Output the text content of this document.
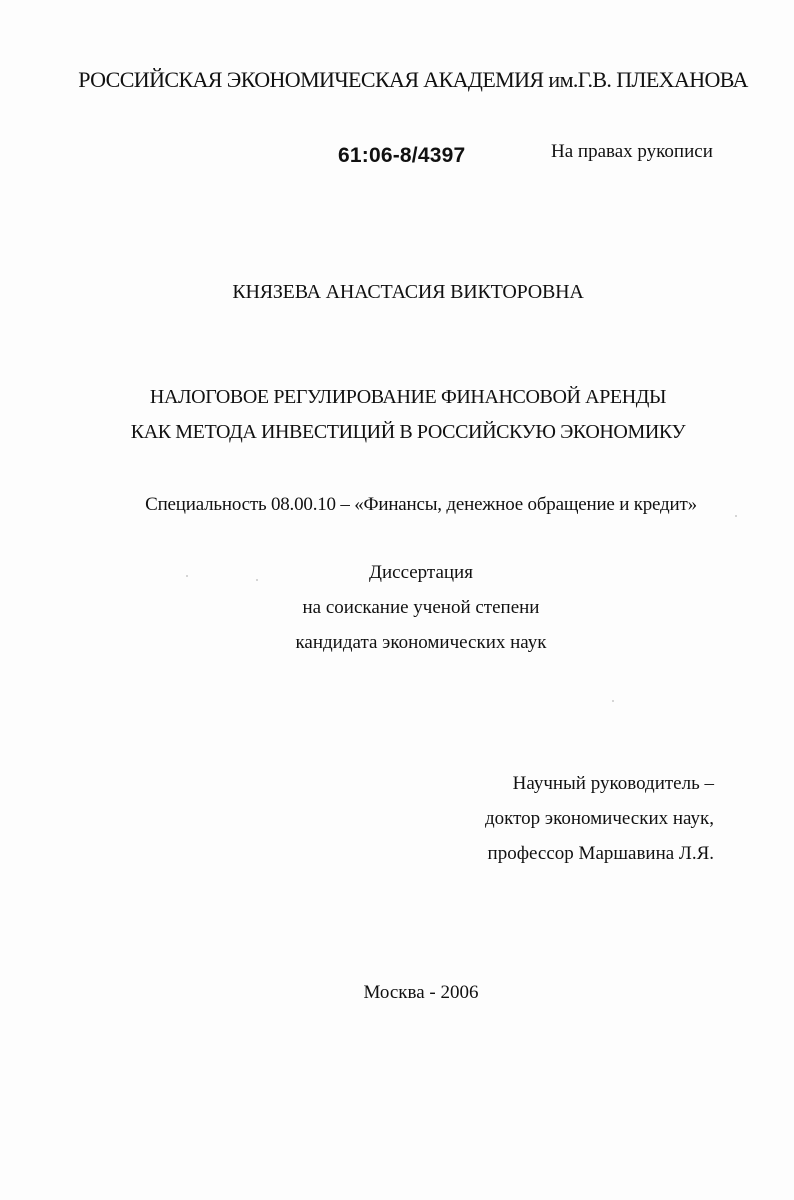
РОССИЙСКАЯ ЭКОНОМИЧЕСКАЯ АКАДЕМИЯ им.Г.В. ПЛЕХАНОВА
61:06-8/4397	На правах рукописи
КНЯЗЕВА АНАСТАСИЯ ВИКТОРОВНА
НАЛОГОВОЕ РЕГУЛИРОВАНИЕ ФИНАНСОВОЙ АРЕНДЫ
КАК МЕТОДА ИНВЕСТИЦИЙ В РОССИЙСКУЮ ЭКОНОМИКУ
Специальность 08.00.10 – «Финансы, денежное обращение и кредит»
Диссертация
на соискание ученой степени
кандидата экономических наук
Научный руководитель –
доктор экономических наук,
профессор Маршавина Л.Я.
Москва - 2006
